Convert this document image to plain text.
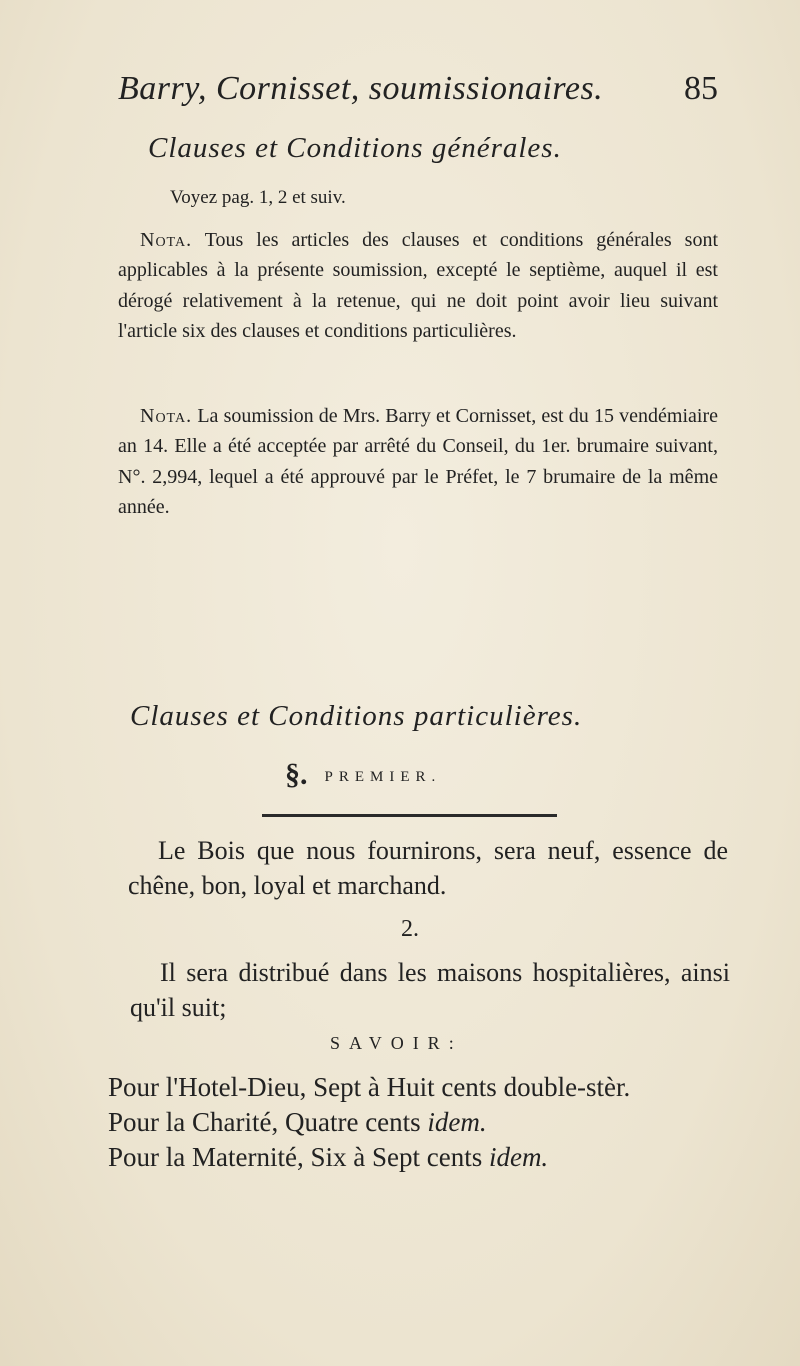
Barry, Cornisset, soumissionaires. 85
Clauses et Conditions générales.
Voyez pag. 1, 2 et suiv.
Nota. Tous les articles des clauses et conditions générales sont applicables à la présente soumission, excepté le septième, auquel il est dérogé relativement à la retenue, qui ne doit point avoir lieu suivant l'article six des clauses et conditions particulières.
Nota. La soumission de Mrs. Barry et Cornisset, est du 15 vendémiaire an 14. Elle a été acceptée par arrêté du Conseil, du 1er. brumaire suivant, N°. 2,994, lequel a été approuvé par le Préfet, le 7 brumaire de la même année.
Clauses et Conditions particulières.
§. PREMIER.
Le Bois que nous fournirons, sera neuf, essence de chêne, bon, loyal et marchand.
2.
Il sera distribué dans les maisons hospitalières, ainsi qu'il suit;
SAVOIR:
Pour l'Hotel-Dieu, Sept à Huit cents double-stèr.
Pour la Charité, Quatre cents idem.
Pour la Maternité, Six à Sept cents idem.
